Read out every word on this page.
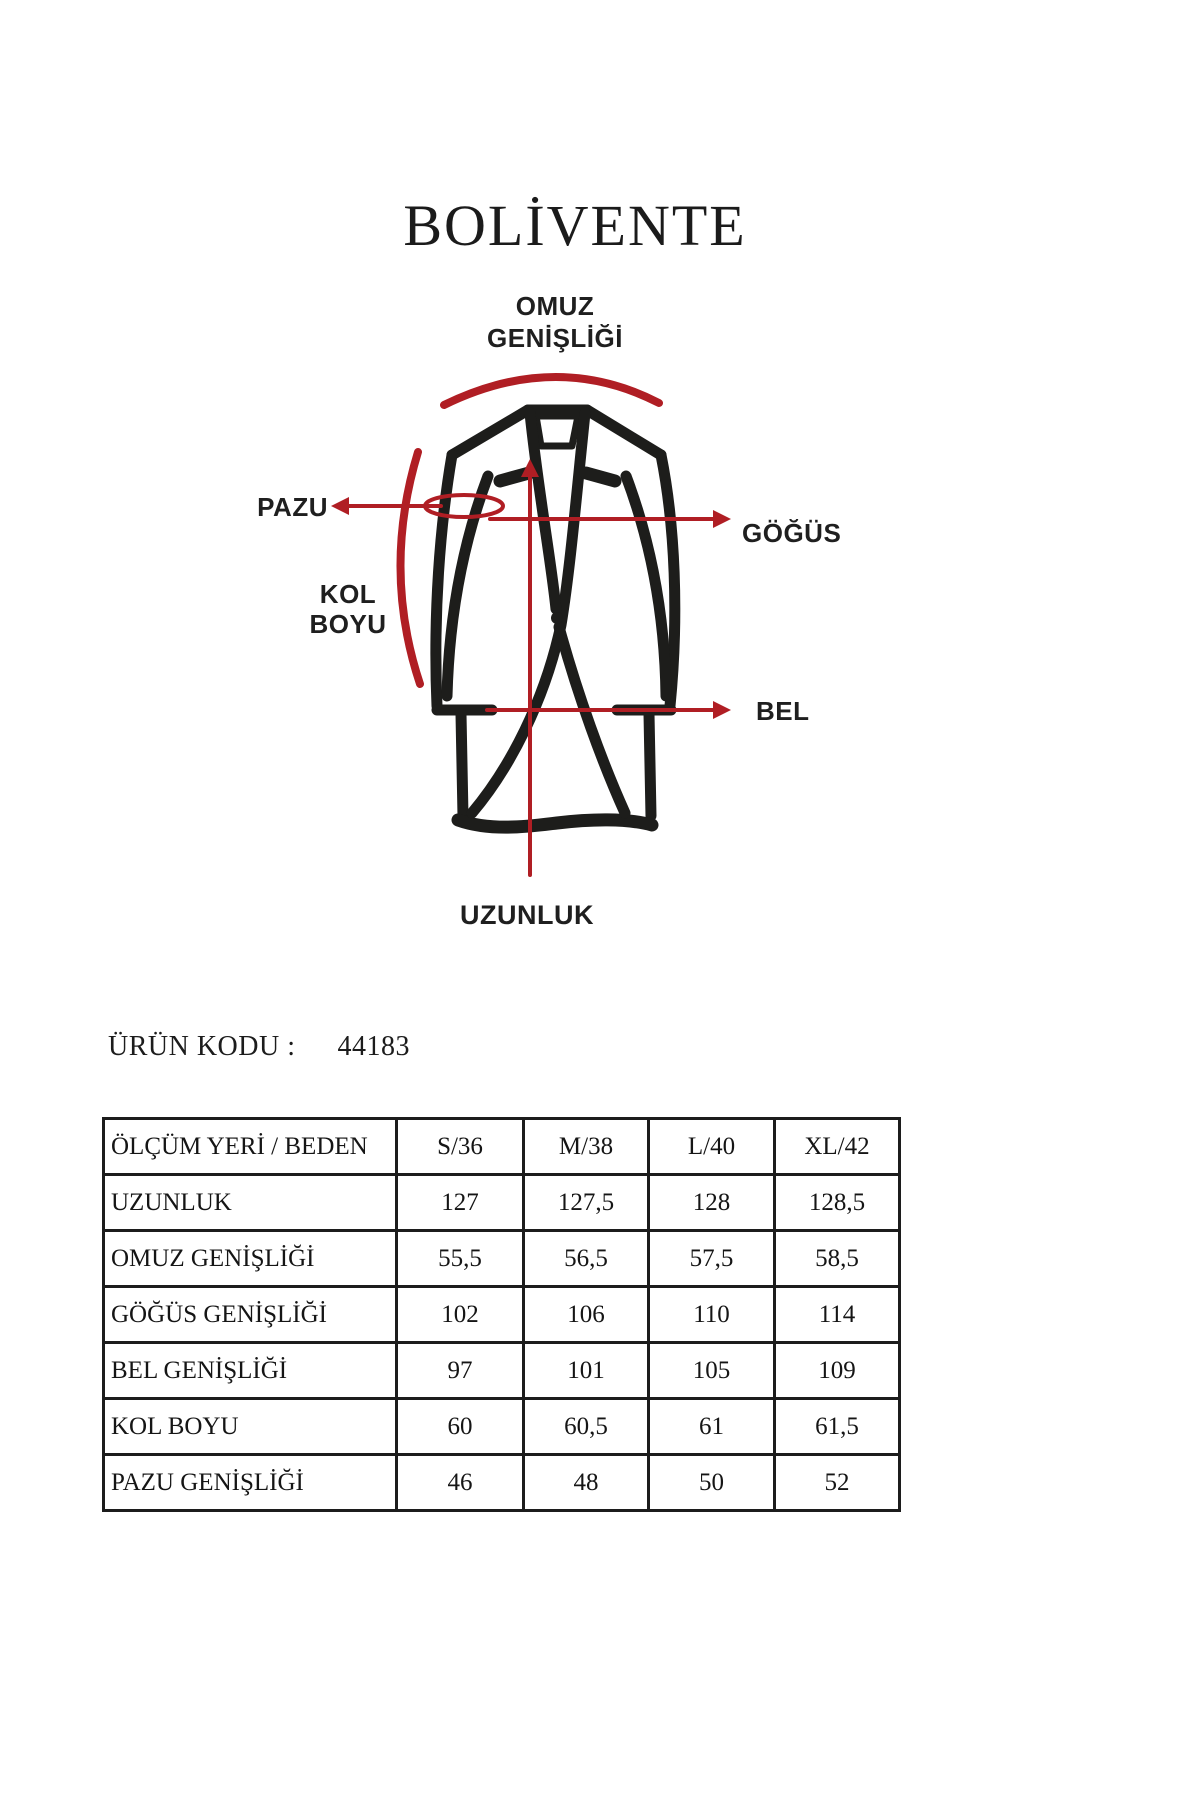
BOLİVENTE
OMUZ
GENİŞLİĞİ
PAZU
KOL
BOYU
GÖĞÜS
BEL
UZUNLUK
ÜRÜN KODU : 44183
ÖLÇÜM YERİ / BEDEN	S/36	M/38	L/40	XL/42
UZUNLUK	127	127,5	128	128,5
OMUZ GENİŞLİĞİ	55,5	56,5	57,5	58,5
GÖĞÜS GENİŞLİĞİ	102	106	110	114
BEL GENİŞLİĞİ	97	101	105	109
KOL BOYU	60	60,5	61	61,5
PAZU GENİŞLİĞİ	46	48	50	52
